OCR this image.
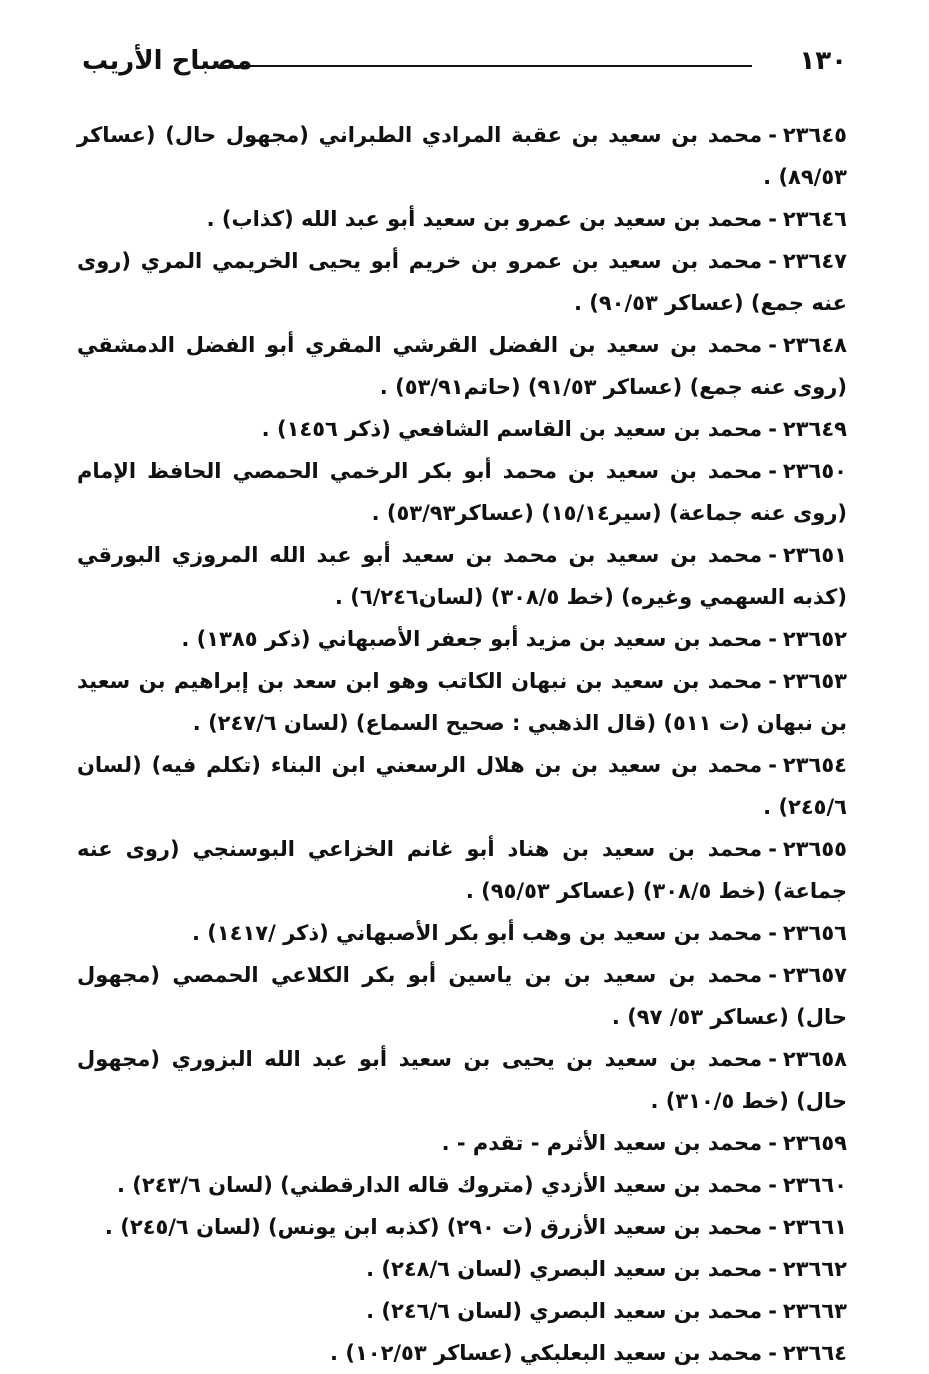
١٣٠
مصباح الأريب
٢٣٦٤٥-محمد بن سعيد بن عقبة المرادي الطبراني (مجهول حال) (عساكر ٨٩/٥٣) .
٢٣٦٤٦-محمد بن سعيد بن عمرو بن سعيد أبو عبد الله (كذاب) .
٢٣٦٤٧-محمد بن سعيد بن عمرو بن خريم أبو يحيى الخريمي المري (روى عنه جمع) (عساكر ٩٠/٥٣) .
٢٣٦٤٨-محمد بن سعيد بن الفضل القرشي المقري أبو الفضل الدمشقي (روى عنه جمع) (عساكر ٩١/٥٣) (حاتم٥٣/٩١) .
٢٣٦٤٩-محمد بن سعيد بن القاسم الشافعي (ذكر ١٤٥٦) .
٢٣٦٥٠-محمد بن سعيد بن محمد أبو بكر الرخمي الحمصي الحافظ الإمام (روى عنه جماعة) (سير١٥/١٤) (عساكر٥٣/٩٣) .
٢٣٦٥١-محمد بن سعيد بن محمد بن سعيد أبو عبد الله المروزي البورقي (كذبه السهمي وغيره) (خط ٣٠٨/٥) (لسان٦/٢٤٦) .
٢٣٦٥٢-محمد بن سعيد بن مزيد أبو جعفر الأصبهاني (ذكر ١٣٨٥) .
٢٣٦٥٣-محمد بن سعيد بن نبهان الكاتب وهو ابن سعد بن إبراهيم بن سعيد بن نبهان (ت ٥١١) (قال الذهبي : صحيح السماع) (لسان ٢٤٧/٦) .
٢٣٦٥٤-محمد بن سعيد بن بن هلال الرسعني ابن البناء (تكلم فيه) (لسان ٢٤٥/٦) .
٢٣٦٥٥-محمد بن سعيد بن هناد أبو غانم الخزاعي البوسنجي (روى عنه جماعة) (خط ٣٠٨/٥) (عساكر ٩٥/٥٣) .
٢٣٦٥٦-محمد بن سعيد بن وهب أبو بكر الأصبهاني (ذكر /١٤١٧) .
٢٣٦٥٧-محمد بن سعيد بن بن ياسين أبو بكر الكلاعي الحمصي (مجهول حال) (عساكر ٥٣/ ٩٧) .
٢٣٦٥٨-محمد بن سعيد بن يحيى بن سعيد أبو عبد الله البزوري (مجهول حال) (خط ٣١٠/٥) .
٢٣٦٥٩-محمد بن سعيد الأثرم - تقدم - .
٢٣٦٦٠-محمد بن سعيد الأزدي (متروك قاله الدارقطني) (لسان ٢٤٣/٦) .
٢٣٦٦١-محمد بن سعيد الأزرق (ت ٢٩٠) (كذبه ابن يونس) (لسان ٢٤٥/٦) .
٢٣٦٦٢-محمد بن سعيد البصري (لسان ٢٤٨/٦) .
٢٣٦٦٣-محمد بن سعيد البصري (لسان ٢٤٦/٦) .
٢٣٦٦٤-محمد بن سعيد البعلبكي (عساكر ١٠٢/٥٣) .
